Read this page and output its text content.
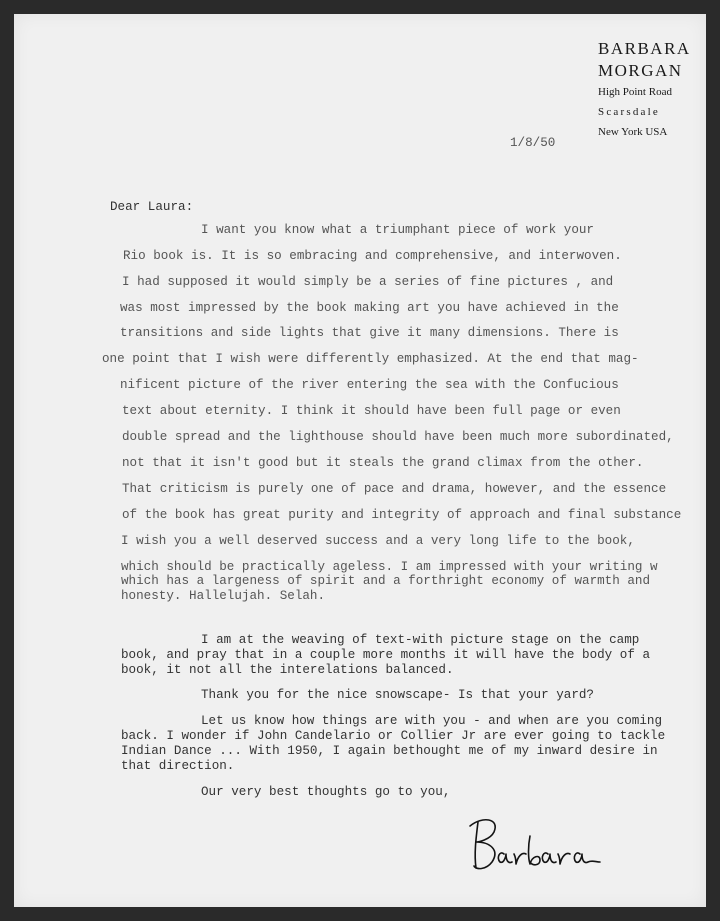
BARBARA
MORGAN
High Point Road
Scarsdale
New York USA
1/8/50
Dear Laura:
I want you know what a triumphant piece of work your
Rio book is. It is so embracing and comprehensive, and interwoven.
I had supposed it would simply be a series of fine pictures , and
was most impressed by the book making art you have achieved in the
transitions and side lights that give it many dimensions. There is
one point that I wish were differently emphasized. At the end that mag-
nificent picture of the river entering the sea with the Confucious
text about eternity. I think it should have been full page or even
double spread and the lighthouse should have been much more subordinated,
not that it isn't good but it steals the grand climax from the other.
That criticism is purely one of pace and drama, however, and the essence
of the book has great purity and integrity of approach and final substance
I wish you a well deserved success and a very long life to the book,
which should be practically ageless. I am impressed with your writing w
which has a largeness of spirit and a forthright economy of warmth and
honesty. Hallelujah. Selah.
I am at the weaving of text-with picture stage on the camp
book, and pray that in a couple more months it will have the body of a
book, it not all the interelations balanced.
Thank you for the nice snowscape- Is that your yard?
Let us know how things are with you - and when are you coming
back. I wonder if John Candelario or Collier Jr are ever going to tackle
Indian Dance ... With 1950, I again bethought me of my inward desire in
that direction.
Our very best thoughts go to you,
